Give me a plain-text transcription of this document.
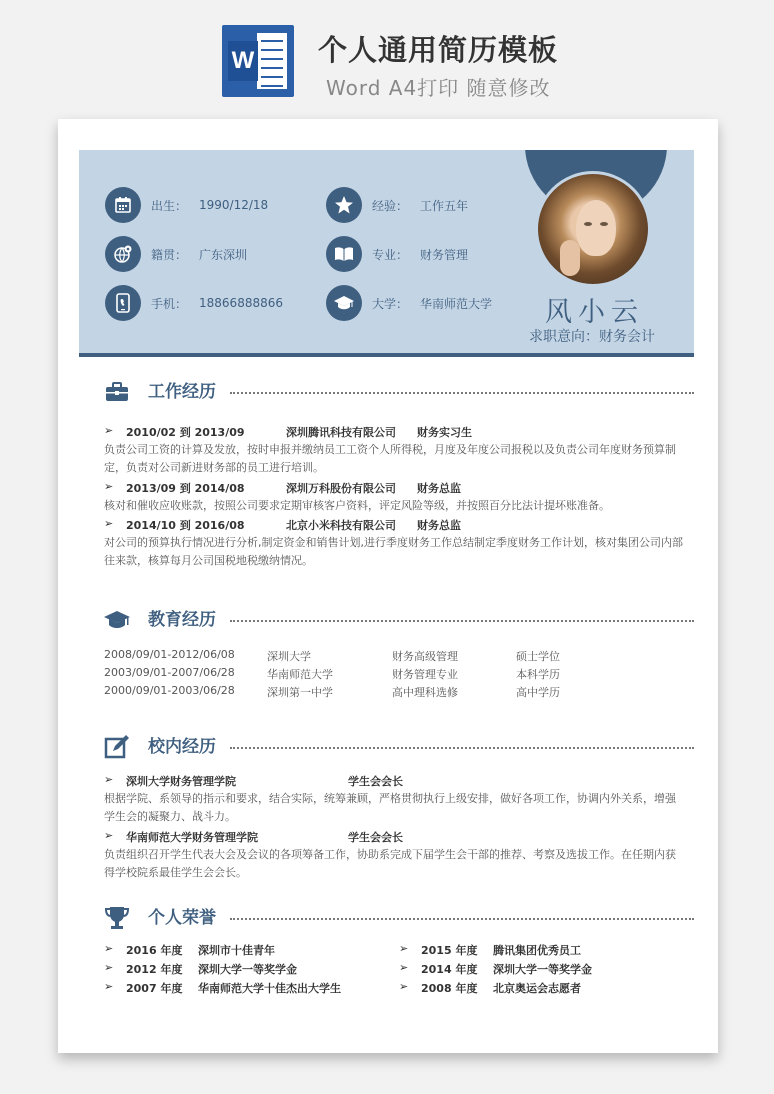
W 个人通用简历模板
Word A4打印 随意修改
风小云
求职意向：财务会计
出生： 1990/12/18
籍贯： 广东深圳
手机： 18866888866
经验： 工作五年
专业： 财务管理
大学： 华南师范大学
工作经历
➢	2010/02 到 2013/09	深圳腾讯科技有限公司	财务实习生
负责公司工资的计算及发放，按时申报并缴纳员工工资个人所得税，月度及年度公司报税以及负责公司年度财务预算制定，负责对公司新进财务部的员工进行培训。
➢	2013/09 到 2014/08	深圳万科股份有限公司	财务总监
核对和催收应收账款，按照公司要求定期审核客户资料，评定风险等级，并按照百分比法计提坏账准备。
➢	2014/10 到 2016/08	北京小米科技有限公司	财务总监
对公司的预算执行情况进行分析,制定资金和销售计划,进行季度财务工作总结制定季度财务工作计划，核对集团公司内部往来款，核算每月公司国税地税缴纳情况。
教育经历
2008/09/01-2012/06/08	深圳大学	财务高级管理	硕士学位
2003/09/01-2007/06/28	华南师范大学	财务管理专业	本科学历
2000/09/01-2003/06/28	深圳第一中学	高中理科选修	高中学历
校内经历
➢	深圳大学财务管理学院	学生会会长
根据学院、系领导的指示和要求，结合实际，统筹兼顾，严格贯彻执行上级安排，做好各项工作，协调内外关系，增强学生会的凝聚力、战斗力。
➢	华南师范大学财务管理学院	学生会会长
负责组织召开学生代表大会及会议的各项筹备工作，协助系完成下届学生会干部的推荐、考察及选拔工作。在任期内获得学校院系最佳学生会会长。
个人荣誉
➢	2016 年度	深圳市十佳青年	➢	2015 年度	腾讯集团优秀员工
➢	2012 年度	深圳大学一等奖学金	➢	2014 年度	深圳大学一等奖学金
➢	2007 年度	华南师范大学十佳杰出大学生	➢	2008 年度	北京奥运会志愿者
